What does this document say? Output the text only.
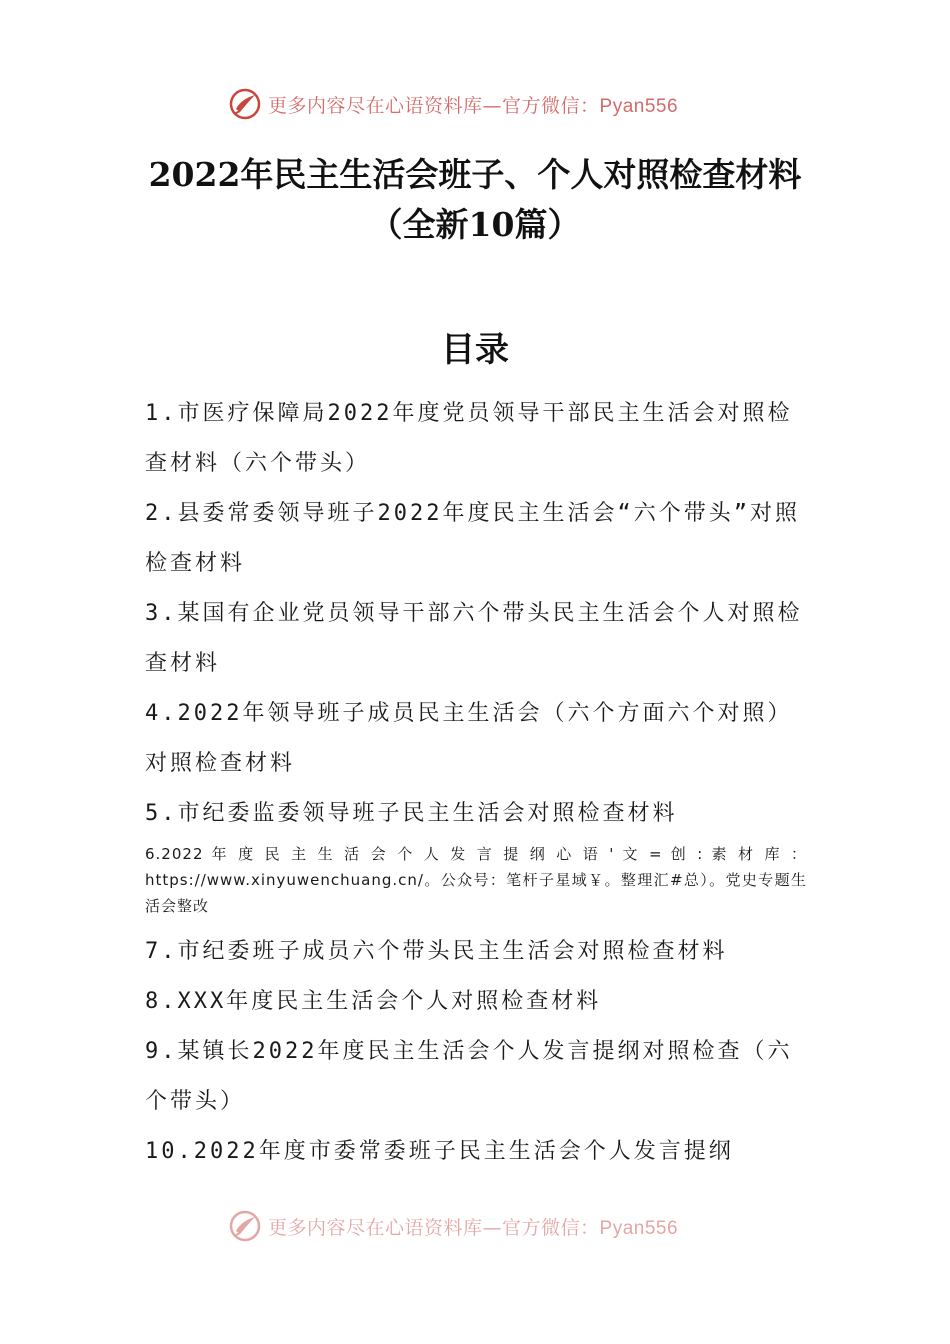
更多内容尽在心语资料库—官方微信：Pyan556
2022年民主生活会班子、个人对照检查材料（全新10篇）
目录
1.市医疗保障局2022年度党员领导干部民主生活会对照检查材料（六个带头）
2.县委常委领导班子2022年度民主生活会“六个带头”对照检查材料
3.某国有企业党员领导干部六个带头民主生活会个人对照检查材料
4.2022年领导班子成员民主生活会（六个方面六个对照）对照检查材料
5.市纪委监委领导班子民主生活会对照检查材料
6.2022 年 度 民 主 生 活 会 个 人 发 言 提 纲 心 语 ' 文 = 创 : 素 材 库 ： https://www.xinyuwenchuang.cn/。公众号：笔杆子星域￥。整理汇#总）。党史专题生活会整改
7.市纪委班子成员六个带头民主生活会对照检查材料
8.XXX年度民主生活会个人对照检查材料
9.某镇长2022年度民主生活会个人发言提纲对照检查（六个带头）
10.2022年度市委常委班子民主生活会个人发言提纲
更多内容尽在心语资料库—官方微信：Pyan556
